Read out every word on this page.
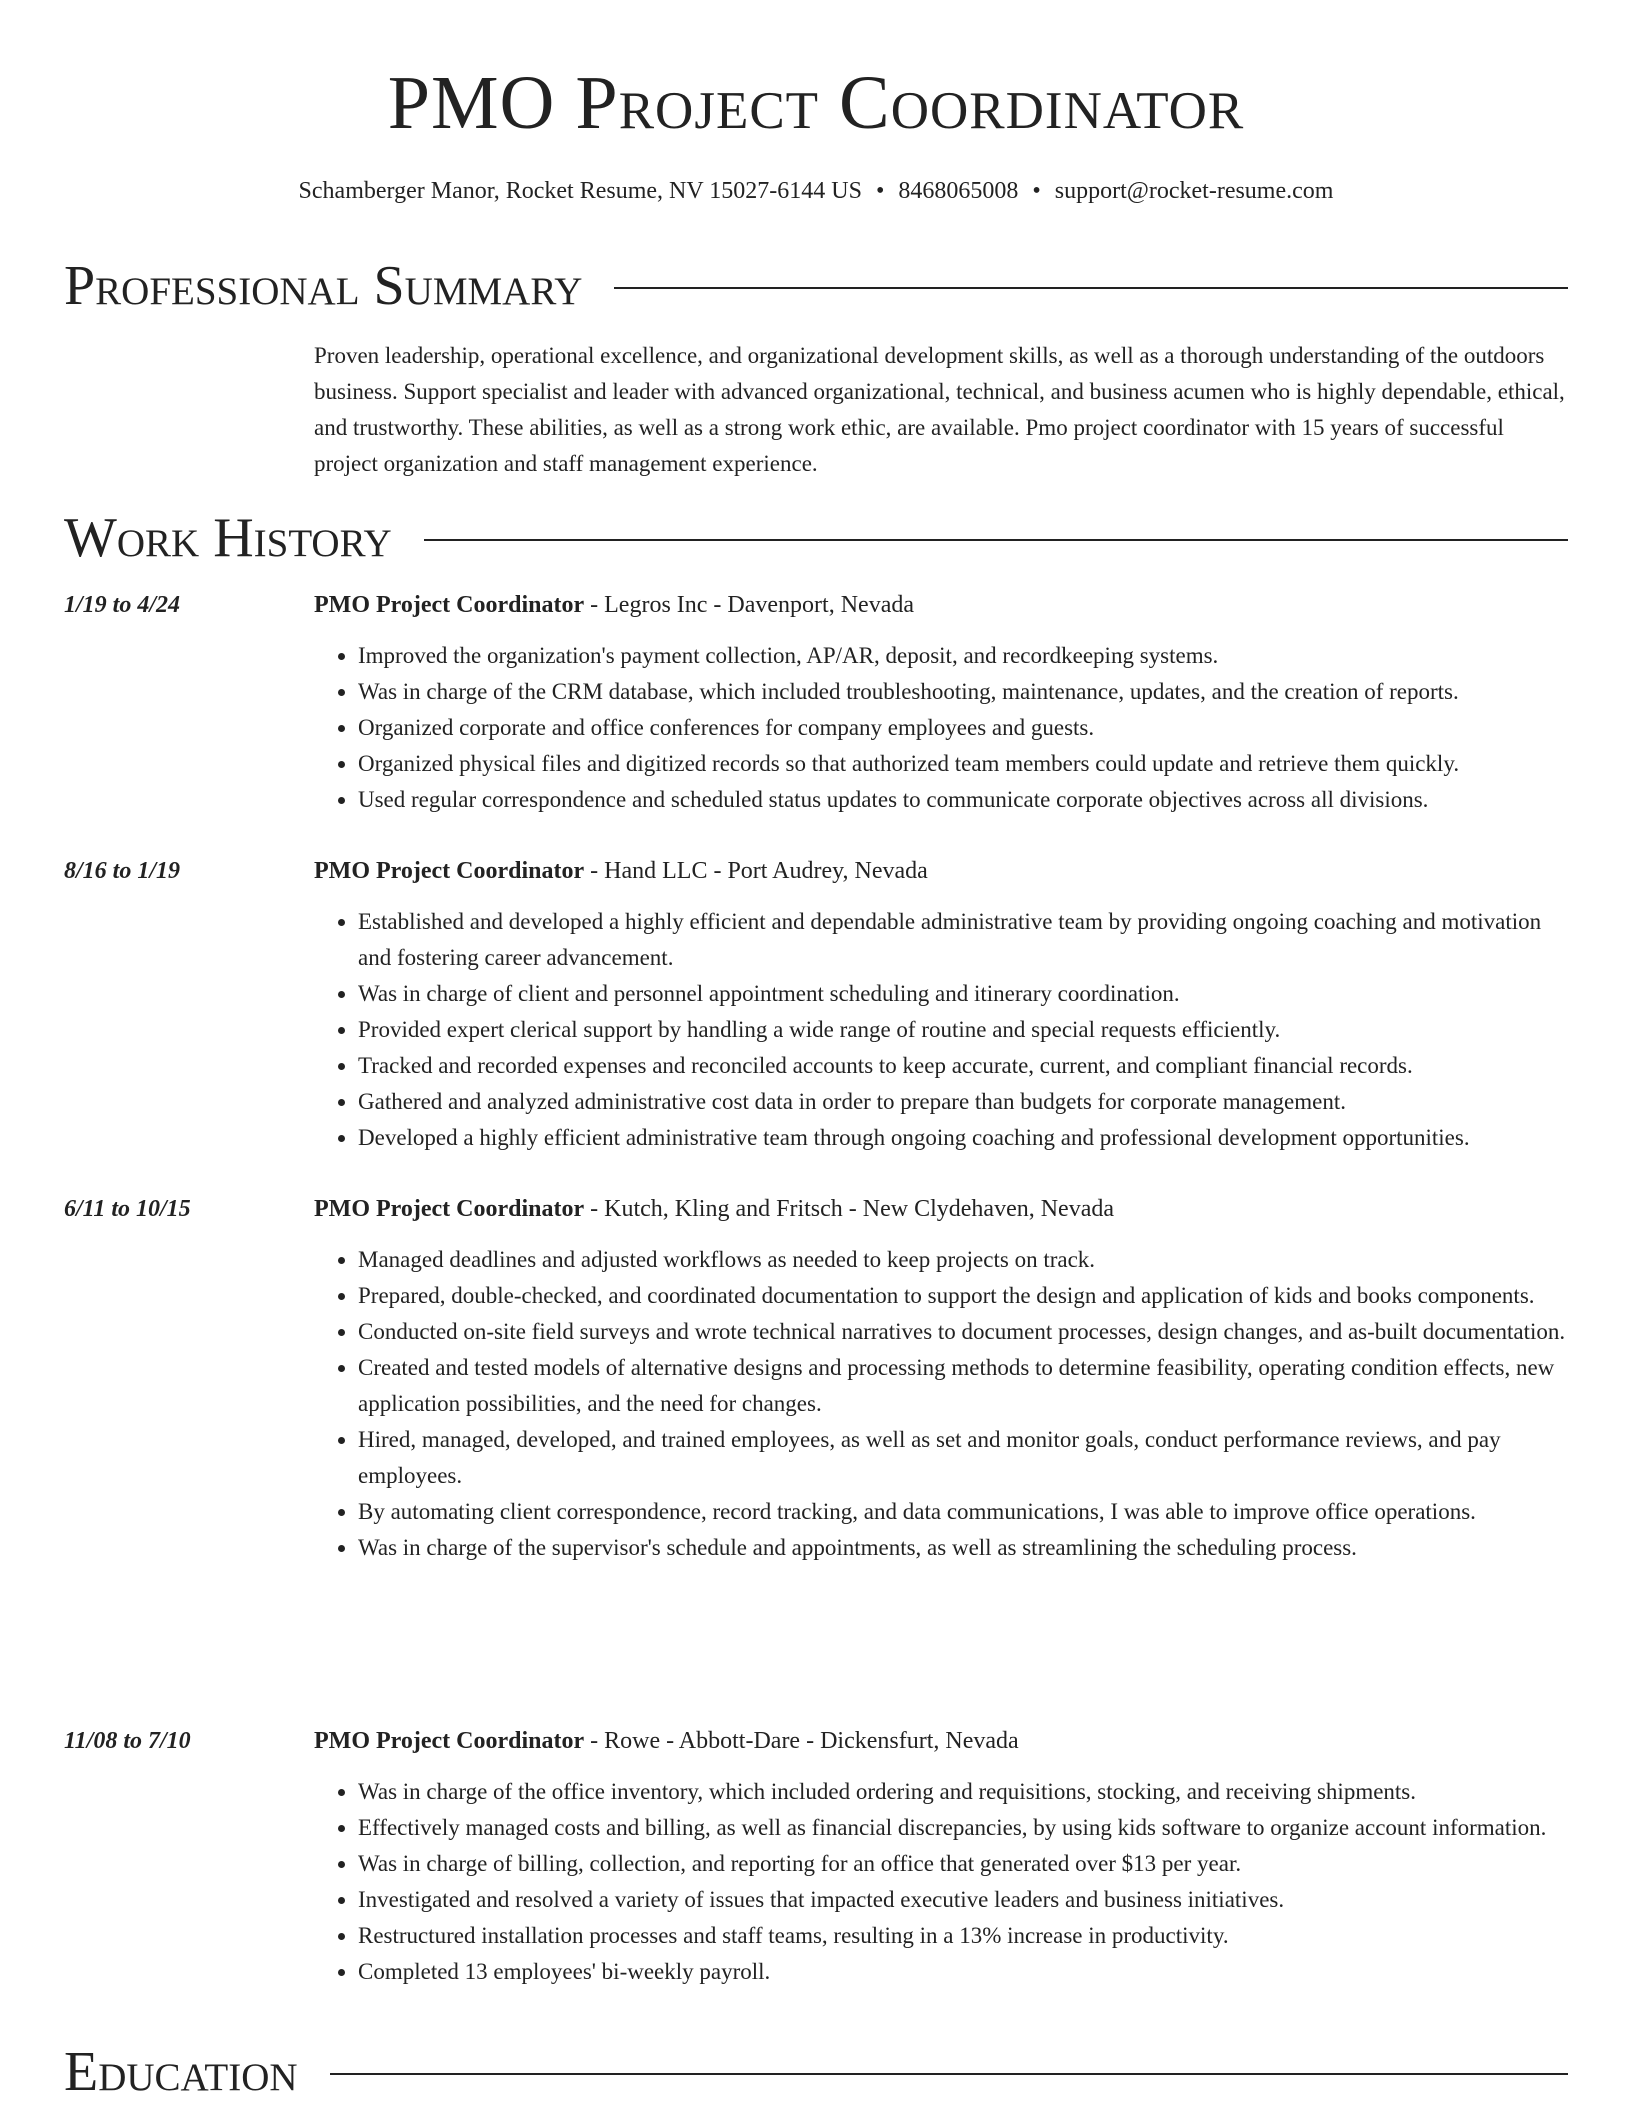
PMO Project Coordinator
Schamberger Manor, Rocket Resume, NV 15027-6144 US • 8468065008 • support@rocket-resume.com
Professional Summary
Proven leadership, operational excellence, and organizational development skills, as well as a thorough understanding of the outdoors business. Support specialist and leader with advanced organizational, technical, and business acumen who is highly dependable, ethical, and trustworthy. These abilities, as well as a strong work ethic, are available. Pmo project coordinator with 15 years of successful project organization and staff management experience.
Work History
1/19 to 4/24	PMO Project Coordinator - Legros Inc - Davenport, Nevada
• Improved the organization's payment collection, AP/AR, deposit, and recordkeeping systems.
• Was in charge of the CRM database, which included troubleshooting, maintenance, updates, and the creation of reports.
• Organized corporate and office conferences for company employees and guests.
• Organized physical files and digitized records so that authorized team members could update and retrieve them quickly.
• Used regular correspondence and scheduled status updates to communicate corporate objectives across all divisions.
8/16 to 1/19	PMO Project Coordinator - Hand LLC - Port Audrey, Nevada
• Established and developed a highly efficient and dependable administrative team by providing ongoing coaching and motivation and fostering career advancement.
• Was in charge of client and personnel appointment scheduling and itinerary coordination.
• Provided expert clerical support by handling a wide range of routine and special requests efficiently.
• Tracked and recorded expenses and reconciled accounts to keep accurate, current, and compliant financial records.
• Gathered and analyzed administrative cost data in order to prepare than budgets for corporate management.
• Developed a highly efficient administrative team through ongoing coaching and professional development opportunities.
6/11 to 10/15	PMO Project Coordinator - Kutch, Kling and Fritsch - New Clydehaven, Nevada
• Managed deadlines and adjusted workflows as needed to keep projects on track.
• Prepared, double-checked, and coordinated documentation to support the design and application of kids and books components.
• Conducted on-site field surveys and wrote technical narratives to document processes, design changes, and as-built documentation.
• Created and tested models of alternative designs and processing methods to determine feasibility, operating condition effects, new application possibilities, and the need for changes.
• Hired, managed, developed, and trained employees, as well as set and monitor goals, conduct performance reviews, and pay employees.
• By automating client correspondence, record tracking, and data communications, I was able to improve office operations.
• Was in charge of the supervisor's schedule and appointments, as well as streamlining the scheduling process.
11/08 to 7/10	PMO Project Coordinator - Rowe - Abbott-Dare - Dickensfurt, Nevada
• Was in charge of the office inventory, which included ordering and requisitions, stocking, and receiving shipments.
• Effectively managed costs and billing, as well as financial discrepancies, by using kids software to organize account information.
• Was in charge of billing, collection, and reporting for an office that generated over $13 per year.
• Investigated and resolved a variety of issues that impacted executive leaders and business initiatives.
• Restructured installation processes and staff teams, resulting in a 13% increase in productivity.
• Completed 13 employees' bi-weekly payroll.
Education
